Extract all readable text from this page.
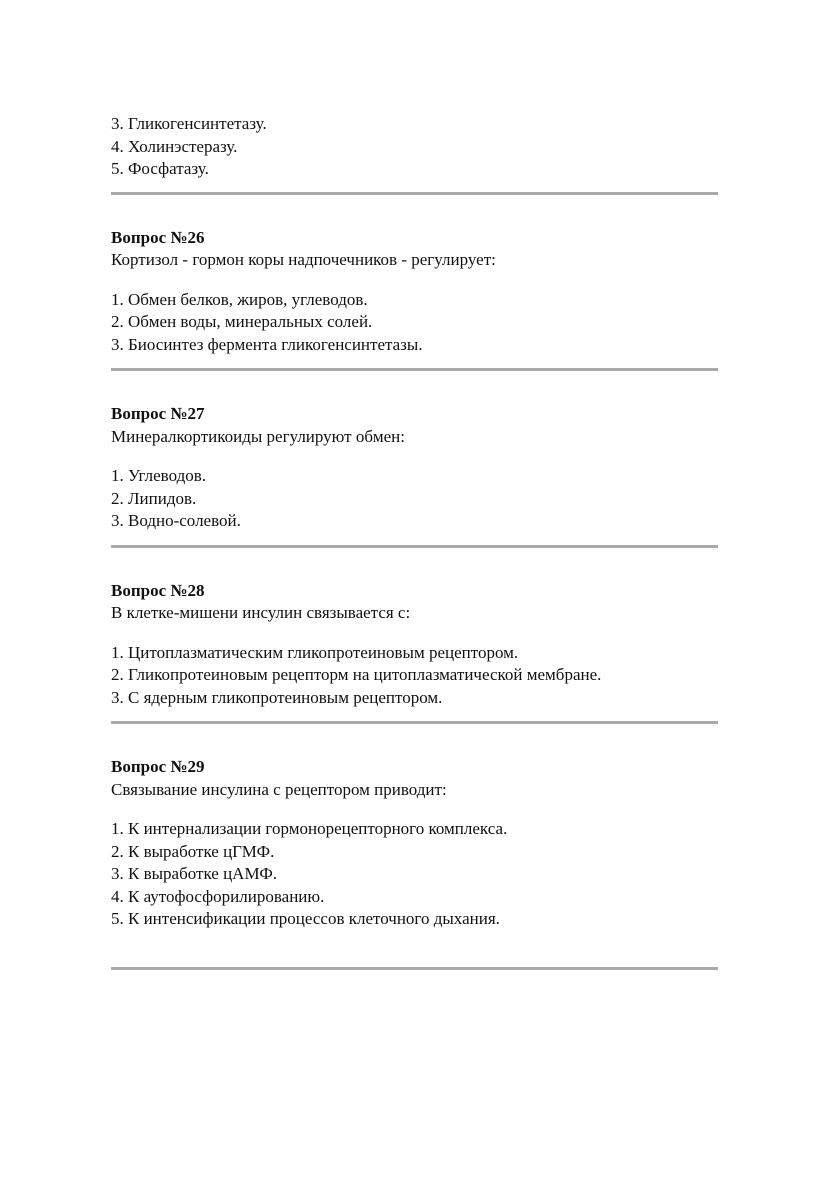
3. Гликогенсинтетазу.

4. Холинэстеразу.

5. Фосфатазу.

Вопрос №26

Кортизол - гормон коры надпочечников - регулирует:

1. Обмен белков, жиров, углеводов.

2. Обмен воды, минеральных солей.

3. Биосинтез фермента гликогенсинтетазы.

Вопрос №27

Минералкортикоиды регулируют обмен:

1. Углеводов.

2. Липидов.

3. Водно-солевой.

Вопрос №28

В клетке-мишени инсулин связывается с:

1. Цитоплазматическим гликопротеиновым рецептором.

2. Гликопротеиновым рецепторм на цитоплазматической мембране.

3. С ядерным гликопротеиновым рецептором.

Вопрос №29

Связывание инсулина с рецептором приводит:

1. К интернализации гормонорецепторного комплекса.

2. К выработке цГМФ.

3. К выработке цАМФ.

4. К аутофосфорилированию.

5. К интенсификации процессов клеточного дыхания.
